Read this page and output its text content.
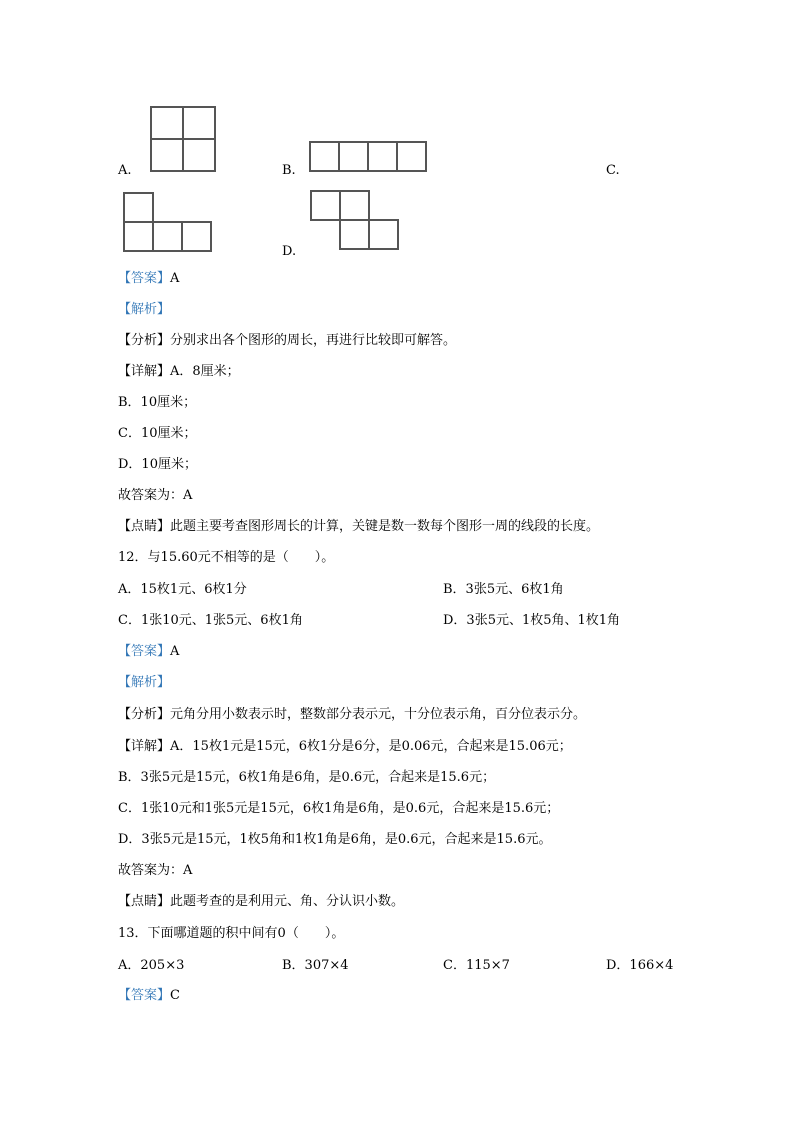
A.	B.	C.
D.
【答案】A
【解析】
【分析】分别求出各个图形的周长，再进行比较即可解答。
【详解】A．8厘米；
B．10厘米；
C．10厘米；
D．10厘米；
故答案为：A
【点睛】此题主要考查图形周长的计算，关键是数一数每个图形一周的线段的长度。
12．与15.60元不相等的是（　　）。
A．15枚1元、6枚1分	B．3张5元、6枚1角
C．1张10元、1张5元、6枚1角	D．3张5元、1枚5角、1枚1角
【答案】A
【解析】
【分析】元角分用小数表示时，整数部分表示元，十分位表示角，百分位表示分。
【详解】A．15枚1元是15元，6枚1分是6分，是0.06元，合起来是15.06元；
B．3张5元是15元，6枚1角是6角，是0.6元，合起来是15.6元；
C．1张10元和1张5元是15元，6枚1角是6角，是0.6元，合起来是15.6元；
D．3张5元是15元，1枚5角和1枚1角是6角，是0.6元，合起来是15.6元。
故答案为：A
【点睛】此题考查的是利用元、角、分认识小数。
13．下面哪道题的积中间有0（　　）。
A．205×3	B．307×4	C．115×7	D．166×4
【答案】C
